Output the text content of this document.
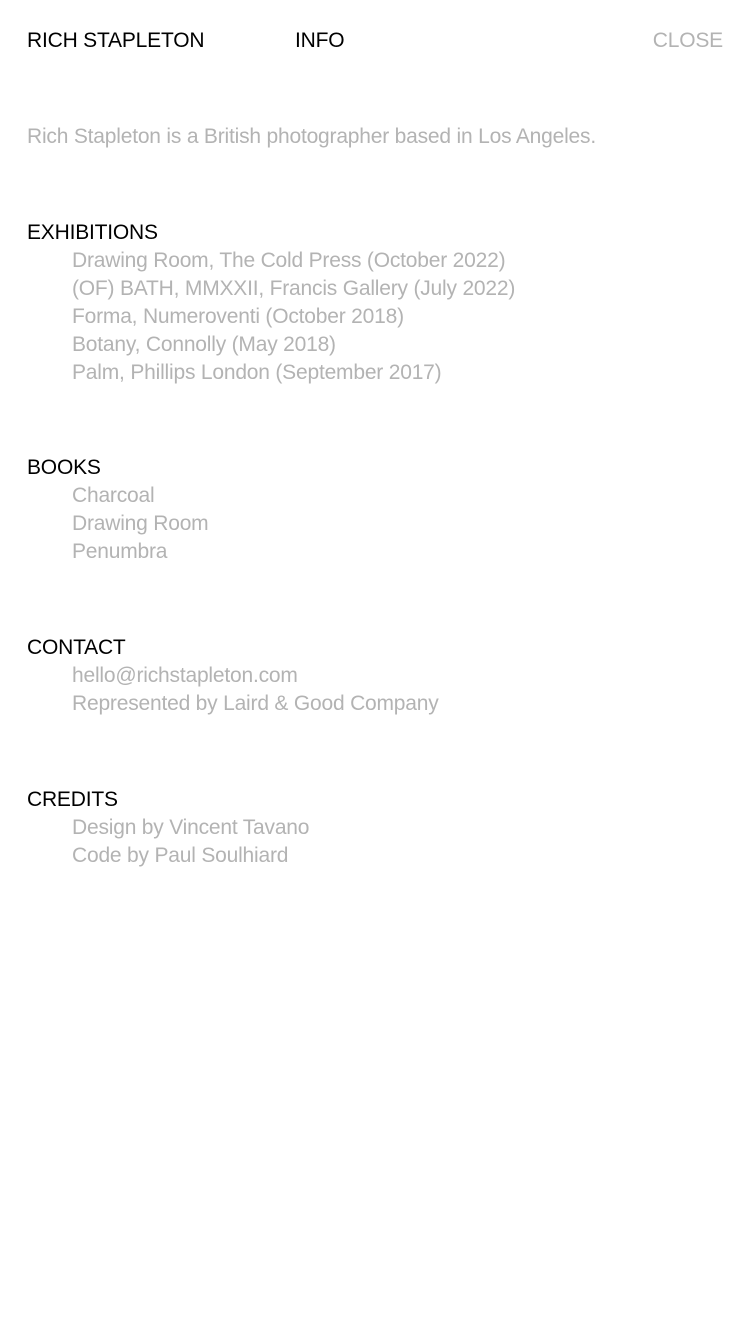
RICH STAPLETON	INFO	CLOSE

Rich Stapleton is a British photographer based in Los Angeles.

EXHIBITIONS
Drawing Room, The Cold Press (October 2022)
(OF) BATH, MMXXII, Francis Gallery (July 2022)
Forma, Numeroventi (October 2018)
Botany, Connolly (May 2018)
Palm, Phillips London (September 2017)
BOOKS
Charcoal
Drawing Room
Penumbra
CONTACT
hello@richstapleton.com
Represented by Laird & Good Company
CREDITS
Design by Vincent Tavano
Code by Paul Soulhiard
